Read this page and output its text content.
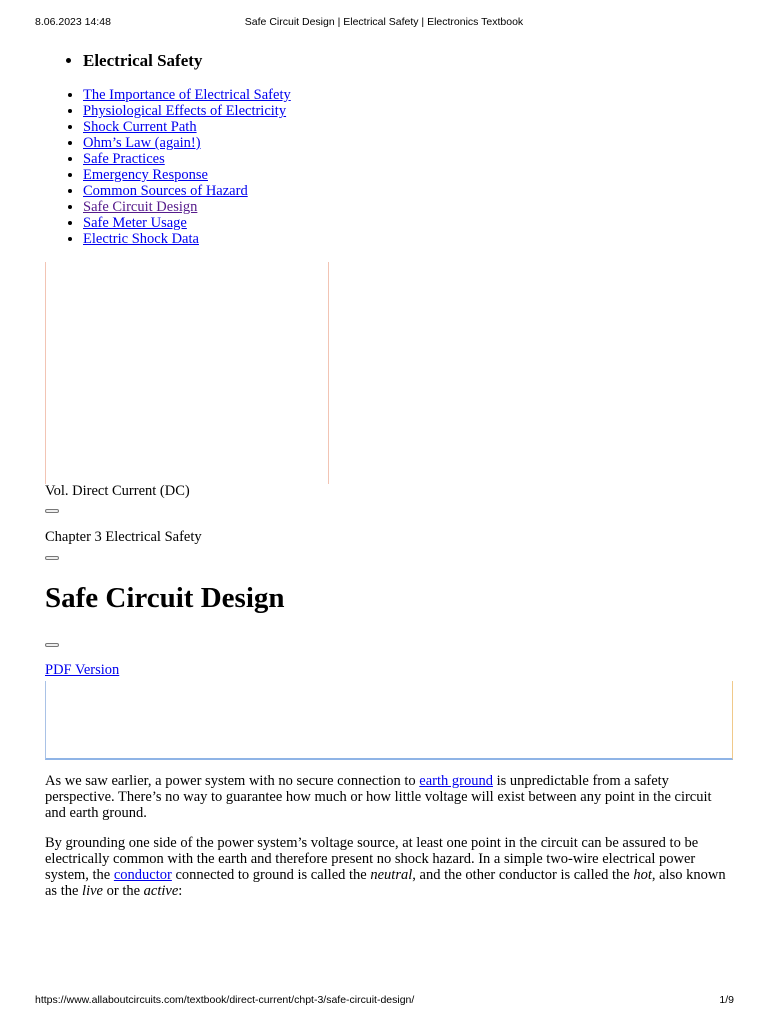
8.06.2023 14:48	Safe Circuit Design | Electrical Safety | Electronics Textbook
• Electrical Safety
• The Importance of Electrical Safety
• Physiological Effects of Electricity
• Shock Current Path
• Ohm’s Law (again!)
• Safe Practices
• Emergency Response
• Common Sources of Hazard
• Safe Circuit Design
• Safe Meter Usage
• Electric Shock Data
Vol. Direct Current (DC)
Chapter 3 Electrical Safety
Safe Circuit Design
PDF Version

As we saw earlier, a power system with no secure connection to earth ground is unpredictable from a safety perspective. There’s no way to guarantee how much or how little voltage will exist between any point in the circuit and earth ground.

By grounding one side of the power system’s voltage source, at least one point in the circuit can be assured to be electrically common with the earth and therefore present no shock hazard. In a simple two-wire electrical power system, the conductor connected to ground is called the neutral, and the other conductor is called the hot, also known as the live or the active:

https://www.allaboutcircuits.com/textbook/direct-current/chpt-3/safe-circuit-design/	1/9
